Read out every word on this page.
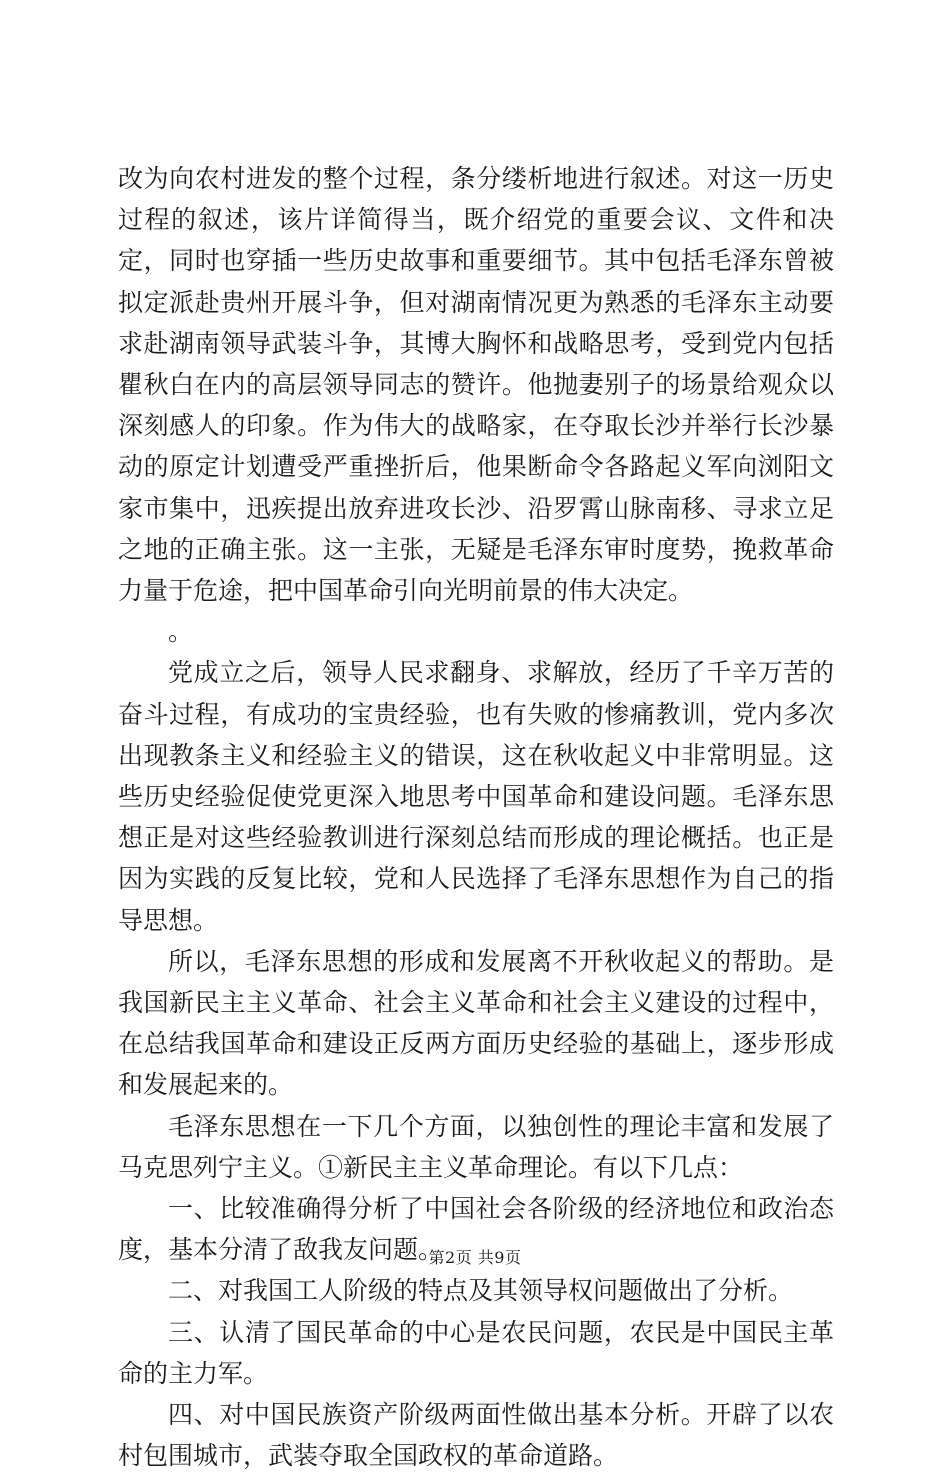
改为向农村进发的整个过程，条分缕析地进行叙述。对这一历史过程的叙述，该片详简得当，既介绍党的重要会议、文件和决定，同时也穿插一些历史故事和重要细节。其中包括毛泽东曾被拟定派赴贵州开展斗争，但对湖南情况更为熟悉的毛泽东主动要求赴湖南领导武装斗争，其博大胸怀和战略思考，受到党内包括瞿秋白在内的高层领导同志的赞许。他抛妻别子的场景给观众以深刻感人的印象。作为伟大的战略家，在夺取长沙并举行长沙暴动的原定计划遭受严重挫折后，他果断命令各路起义军向浏阳文家市集中，迅疾提出放弃进攻长沙、沿罗霄山脉南移、寻求立足之地的正确主张。这一主张，无疑是毛泽东审时度势，挽救革命力量于危途，把中国革命引向光明前景的伟大决定。

。

党成立之后，领导人民求翻身、求解放，经历了千辛万苦的奋斗过程，有成功的宝贵经验，也有失败的惨痛教训，党内多次出现教条主义和经验主义的错误，这在秋收起义中非常明显。这些历史经验促使党更深入地思考中国革命和建设问题。毛泽东思想正是对这些经验教训进行深刻总结而形成的理论概括。也正是因为实践的反复比较，党和人民选择了毛泽东思想作为自己的指导思想。

所以，毛泽东思想的形成和发展离不开秋收起义的帮助。是我国新民主主义革命、社会主义革命和社会主义建设的过程中，在总结我国革命和建设正反两方面历史经验的基础上，逐步形成和发展起来的。

毛泽东思想在一下几个方面，以独创性的理论丰富和发展了马克思列宁主义。①新民主主义革命理论。有以下几点：

一、比较准确得分析了中国社会各阶级的经济地位和政治态度，基本分清了敌我友问题。

二、对我国工人阶级的特点及其领导权问题做出了分析。

三、认清了国民革命的中心是农民问题，农民是中国民主革命的主力军。

四、对中国民族资产阶级两面性做出基本分析。开辟了以农村包围城市，武装夺取全国政权的革命道路。

第2页 共9页
